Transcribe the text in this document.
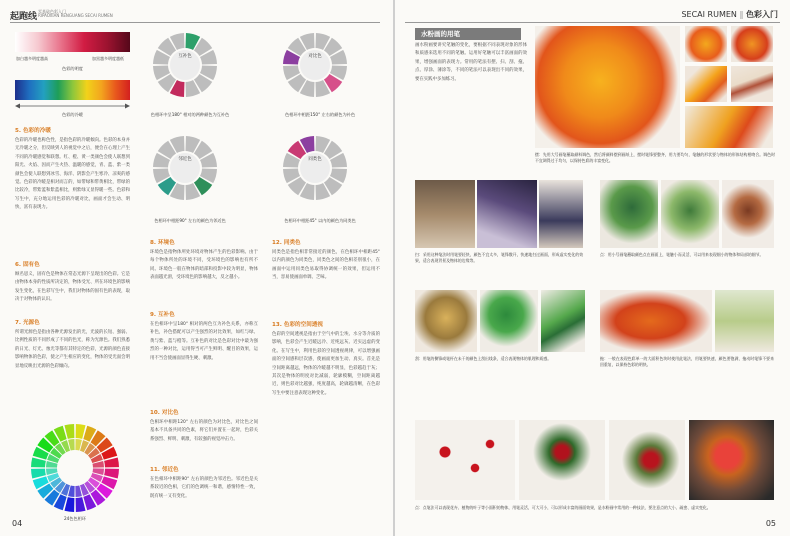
起跑线
零基础色彩入门
RIPAOXIAN RENGUANG SECAI RUMEN
加白越多明度越高	加黑越多明度越低
色彩的明度
色彩的冷暖
5. 色彩的冷暖
色彩的冷暖也称色性，是指色彩的冷暖倾向。色彩的本身并无冷暖之分，但反映到人的视觉中之后，便会在心理上产生不同的冷暖感觉和联想。红、橙、黄一类颜色会使人联想到阳光、火焰、因而产生火热、温暖的感觉，青、蓝、紫一类颜色会使人联想到冰雪、海洋、阴影会产生寒冷、凉爽的感觉。色彩的冷暖是相对而言的，如带绿和带黄相比，带绿的比较冷，带紫蓝和紫蓝相比，则紫绿又显得暖一些。色彩和写生中，充分地运用色彩的冷暖对比，画面才会生动、明快，富有表现力。
6. 固有色
顾名思义，固有色是物体在常态光源下呈现出的色彩。它是由物体本身的性质所决定的，物体受光、所在环境色的影响发生变化，在色彩写生中，我们对物体的固有色的表现，取决于对物体的认识。
7. 光源色
所谓光源色是指由各种光源发出的光，光波的长短、强弱、比例性质的不同形成了不同的色光，称为光源色。我们熟悉的日光、灯光、烛光等都有其特定的色彩，光源的颜色直接影响物体的色彩，使之产生相应的变化，物体的受光面会明显地反映出光源的色彩倾向。
24色色相环
互补色
色相环中呈180° 相对的两种颜色为互补色
对比色
色相环中相距150° 左右的颜色为补色
邻近色
色相环中相距90° 左右的颜色为邻近色
同类色
色相环中相距45° 以内的颜色为同类色
8. 环境色
环境色是指物体所处环境对物体产生的色彩影响。由于每个物体所处的环境不同，受环境色的影响也有所不同。环境色一般在物体的暗部和投影中较为明显，物体表面越光滑，受环境色的影响越大，反之越小。
9. 互补色
在色相环中呈180° 相对的两色互为补色关系，亦称互补色，补色搭配可以产生强烈的对比效果，如红与绿、黄与紫、蓝与橙等。互补色的对比是色彩对比中最为强烈的一种对比，运用得当可产生鲜明、醒目的效果，运用不当会使画面显得生硬、刺激。
10. 对比色
色相环中相距120° 左右的颜色为对比色，对比色之间基本不具备共同的色素，将它们并置在一起时，色彩关系强烈、鲜明、刺激，有较强的视觉冲击力。
11. 邻近色
在色相环中相距90° 左右的颜色为邻近色。邻近色是关系较近的色相，它们的色调统一和谐，感情特性一致，既有统一又有变化。
12. 同类色
同类色是指色相非常接近的颜色，在色相环中相距45° 以内的颜色为同类色，同类色之间的色相差别很小，在画面中运用同类色易取得协调统一的效果，但运用不当，容易使画面单调、乏味。
13. 色彩的空间透视
色彩的空间透视是指由于空气中的尘埃、水分等介质的影响，色彩会产生近暖远冷、近纯远灰、近实远虚的变化。在写生中，利用色彩的空间透视规律，可以增强画面的空间感和层次感，使画面更加生动、真实。首先是空间距离越远，物体的冷暖越不明显，色彩越趋于灰；其次是物体的明度对比减弱，轮廓模糊，空间距离越近，则色彩对比越强，纯度越高，轮廓越清晰，在色彩写生中要注意表现这种变化。
04
SECAI RUMEN ‖ 色彩入门
水粉画的用笔
画水粉画要讲究笔触的变化，要根据不同表现对象的形体和质感来选用不同的笔触。运用好笔触可以丰富画面的效果，增强画面的表现力。常用的笔法有摆、扫、刮、拖、点、厚涂、薄涂等，不同的笔法可以表现出不同的效果，要在实践中多加练习。
摆：先用大号画笔蘸取颜料调色，然后将颜料摆到画纸上，摆时笔锋要整齐，用力要均匀，笔触的形状要与物体的形体结构相吻合。调色时不宜调得过于均匀，以保持色彩的丰富变化。
扫：采用这种笔法时用笔要轻快，颜色不宜太多，笔锋散开，快速地扫过画面，形成虚实变化的效果，适合表现背景及物体的边缘等。
点：用小号画笔蘸取颜色点在画面上，笔触小而灵活，可以用来表现细小的物体和局部的细节。
刮：用笔的侧锋或笔杆在未干的颜色上刮出线条，适合表现物体的肌理和质感。	拖：一般在表现色彩单一的大面积色块时使用此笔法，用笔要快速，颜色要饱满，拖动时笔锋不要来回重复，以保持色彩的明快。
点：点笔法可以表现花卉、植物的叶子等小面积的物体，用笔灵活，可大可小，可以形成丰富的画面效果，是水粉画中常用的一种技法，要注意点的大小、疏密、虚实变化。
05
